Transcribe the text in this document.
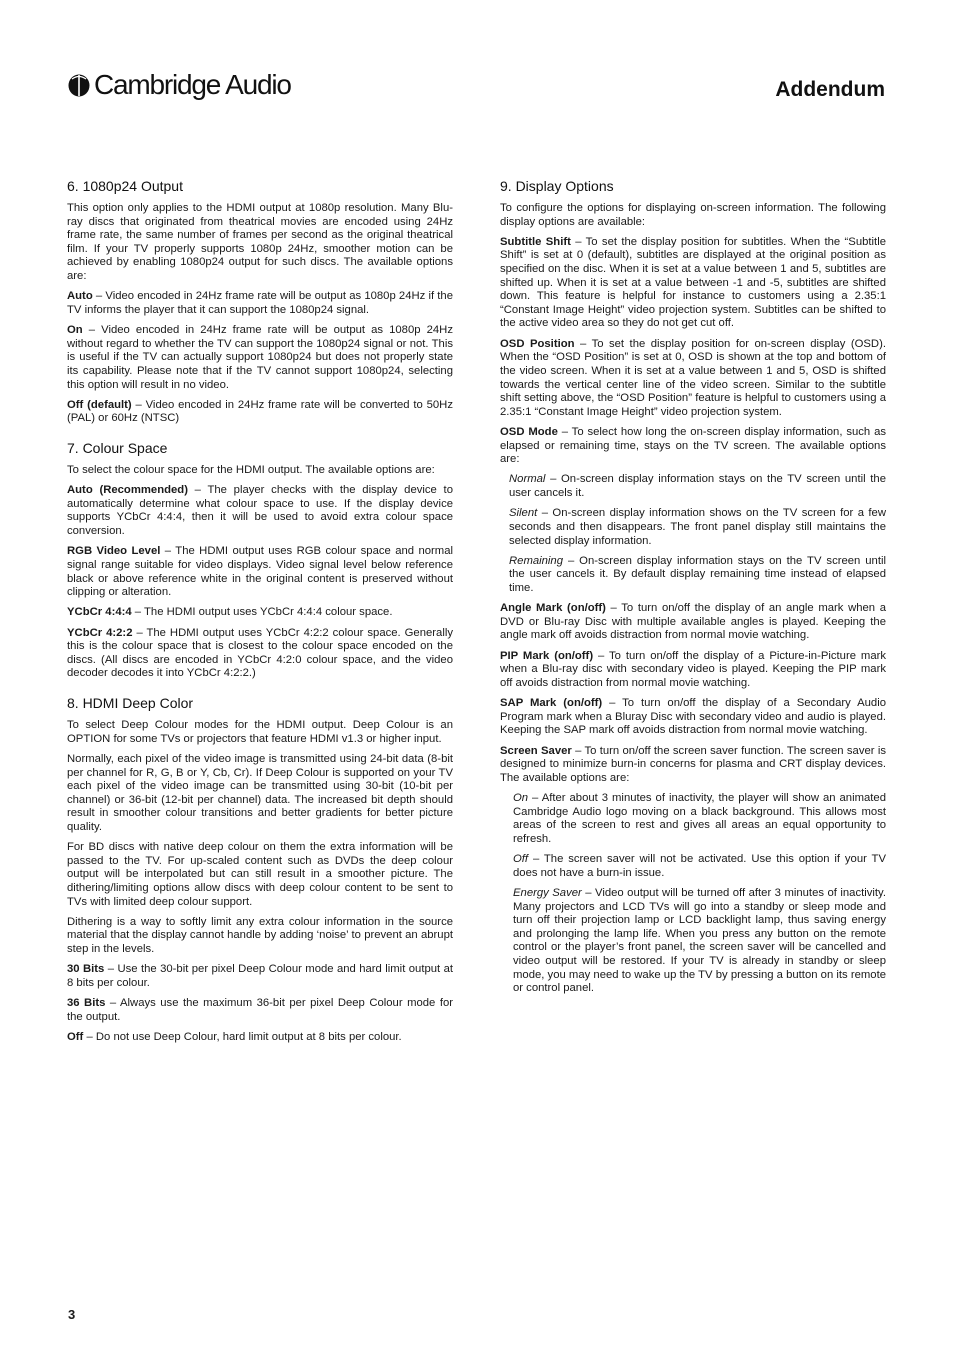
Cambridge Audio	Addendum
6. 1080p24 Output

This option only applies to the HDMI output at 1080p resolution. Many Blu-ray discs that originated from theatrical movies are encoded using 24Hz frame rate, the same number of frames per second as the original theatrical film. If your TV properly supports 1080p 24Hz, smoother motion can be achieved by enabling 1080p24 output for such discs. The available options are:

Auto – Video encoded in 24Hz frame rate will be output as 1080p 24Hz if the TV informs the player that it can support the 1080p24 signal.

On – Video encoded in 24Hz frame rate will be output as 1080p 24Hz without regard to whether the TV can support the 1080p24 signal or not. This is useful if the TV can actually support 1080p24 but does not properly state its capability. Please note that if the TV cannot support 1080p24, selecting this option will result in no video.

Off (default) – Video encoded in 24Hz frame rate will be converted to 50Hz (PAL) or 60Hz (NTSC)

7. Colour Space

To select the colour space for the HDMI output. The available options are:

Auto (Recommended) – The player checks with the display device to automatically determine what colour space to use. If the display device supports YCbCr 4:4:4, then it will be used to avoid extra colour space conversion.

RGB Video Level – The HDMI output uses RGB colour space and normal signal range suitable for video displays. Video signal level below reference black or above reference white in the original content is preserved without clipping or alteration.

YCbCr 4:4:4 – The HDMI output uses YCbCr 4:4:4 colour space.

YCbCr 4:2:2 – The HDMI output uses YCbCr 4:2:2 colour space. Generally this is the colour space that is closest to the colour space encoded on the discs. (All discs are encoded in YCbCr 4:2:0 colour space, and the video decoder decodes it into YCbCr 4:2:2.)

8. HDMI Deep Color

To select Deep Colour modes for the HDMI output. Deep Colour is an OPTION for some TVs or projectors that feature HDMI v1.3 or higher input.

Normally, each pixel of the video image is transmitted using 24-bit data (8-bit per channel for R, G, B or Y, Cb, Cr). If Deep Colour is supported on your TV each pixel of the video image can be transmitted using 30-bit (10-bit per channel) or 36-bit (12-bit per channel) data. The increased bit depth should result in smoother colour transitions and better gradients for better picture quality.

For BD discs with native deep colour on them the extra information will be passed to the TV. For up-scaled content such as DVDs the deep colour output will be interpolated but can still result in a smoother picture. The dithering/limiting options allow discs with deep colour content to be sent to TVs with limited deep colour support.

Dithering is a way to softly limit any extra colour information in the source material that the display cannot handle by adding ‘noise’ to prevent an abrupt step in the levels.

30 Bits – Use the 30-bit per pixel Deep Colour mode and hard limit output at 8 bits per colour.

36 Bits – Always use the maximum 36-bit per pixel Deep Colour mode for the output.

Off – Do not use Deep Colour, hard limit output at 8 bits per colour.

9. Display Options

To configure the options for displaying on-screen information. The following display options are available:

Subtitle Shift – To set the display position for subtitles. When the “Subtitle Shift” is set at 0 (default), subtitles are displayed at the original position as specified on the disc. When it is set at a value between 1 and 5, subtitles are shifted up. When it is set at a value between -1 and -5, subtitles are shifted down. This feature is helpful for instance to customers using a 2.35:1 “Constant Image Height” video projection system. Subtitles can be shifted to the active video area so they do not get cut off.

OSD Position – To set the display position for on-screen display (OSD). When the “OSD Position” is set at 0, OSD is shown at the top and bottom of the video screen. When it is set at a value between 1 and 5, OSD is shifted towards the vertical center line of the video screen. Similar to the subtitle shift setting above, the “OSD Position” feature is helpful to customers using a 2.35:1 “Constant Image Height” video projection system.

OSD Mode – To select how long the on-screen display information, such as elapsed or remaining time, stays on the TV screen. The available options are:

Normal – On-screen display information stays on the TV screen until the user cancels it.

Silent – On-screen display information shows on the TV screen for a few seconds and then disappears. The front panel display still maintains the selected display information.

Remaining – On-screen display information stays on the TV screen until the user cancels it. By default display remaining time instead of elapsed time.

Angle Mark (on/off) – To turn on/off the display of an angle mark when a DVD or Blu-ray Disc with multiple available angles is played. Keeping the angle mark off avoids distraction from normal movie watching.

PIP Mark (on/off) – To turn on/off the display of a Picture-in-Picture mark when a Blu-ray disc with secondary video is played. Keeping the PIP mark off avoids distraction from normal movie watching.

SAP Mark (on/off) – To turn on/off the display of a Secondary Audio Program mark when a Bluray Disc with secondary video and audio is played. Keeping the SAP mark off avoids distraction from normal movie watching.

Screen Saver – To turn on/off the screen saver function. The screen saver is designed to minimize burn-in concerns for plasma and CRT display devices. The available options are:

On – After about 3 minutes of inactivity, the player will show an animated Cambridge Audio logo moving on a black background. This allows most areas of the screen to rest and gives all areas an equal opportunity to refresh.

Off – The screen saver will not be activated. Use this option if your TV does not have a burn-in issue.

Energy Saver – Video output will be turned off after 3 minutes of inactivity. Many projectors and LCD TVs will go into a standby or sleep mode and turn off their projection lamp or LCD backlight lamp, thus saving energy and prolonging the lamp life. When you press any button on the remote control or the player’s front panel, the screen saver will be cancelled and video output will be restored. If your TV is already in standby or sleep mode, you may need to wake up the TV by pressing a button on its remote or control panel.

3
